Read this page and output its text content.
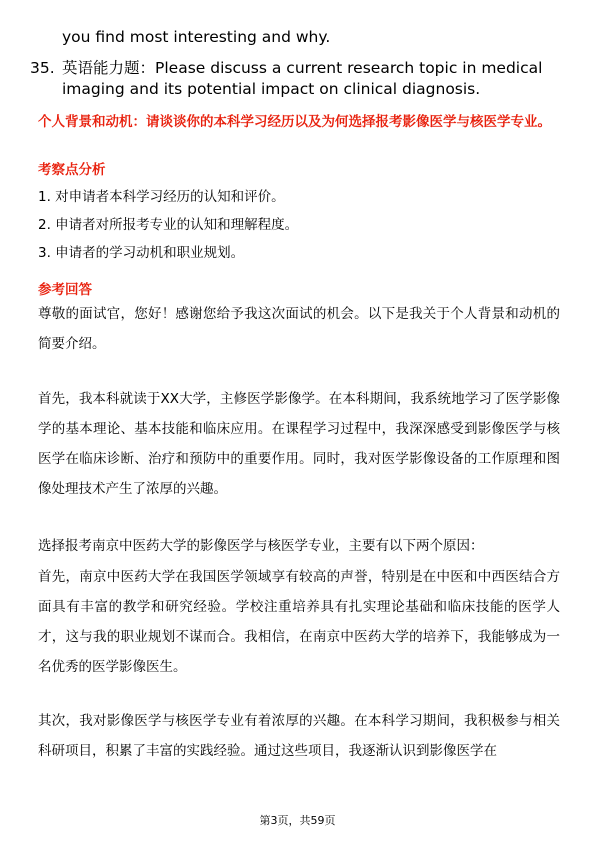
you find most interesting and why.
35. 英语能力题：Please discuss a current research topic in medical imaging and its potential impact on clinical diagnosis.
个人背景和动机：请谈谈你的本科学习经历以及为何选择报考影像医学与核医学专业。
考察点分析
1. 对申请者本科学习经历的认知和评价。
2. 申请者对所报考专业的认知和理解程度。
3. 申请者的学习动机和职业规划。
参考回答
尊敬的面试官，您好！感谢您给予我这次面试的机会。以下是我关于个人背景和动机的简要介绍。
首先，我本科就读于XX大学，主修医学影像学。在本科期间，我系统地学习了医学影像学的基本理论、基本技能和临床应用。在课程学习过程中，我深深感受到影像医学与核医学在临床诊断、治疗和预防中的重要作用。同时，我对医学影像设备的工作原理和图像处理技术产生了浓厚的兴趣。
选择报考南京中医药大学的影像医学与核医学专业，主要有以下两个原因：
首先，南京中医药大学在我国医学领域享有较高的声誉，特别是在中医和中西医结合方面具有丰富的教学和研究经验。学校注重培养具有扎实理论基础和临床技能的医学人才，这与我的职业规划不谋而合。我相信，在南京中医药大学的培养下，我能够成为一名优秀的医学影像医生。
其次，我对影像医学与核医学专业有着浓厚的兴趣。在本科学习期间，我积极参与相关科研项目，积累了丰富的实践经验。通过这些项目，我逐渐认识到影像医学在
第3页，共59页
